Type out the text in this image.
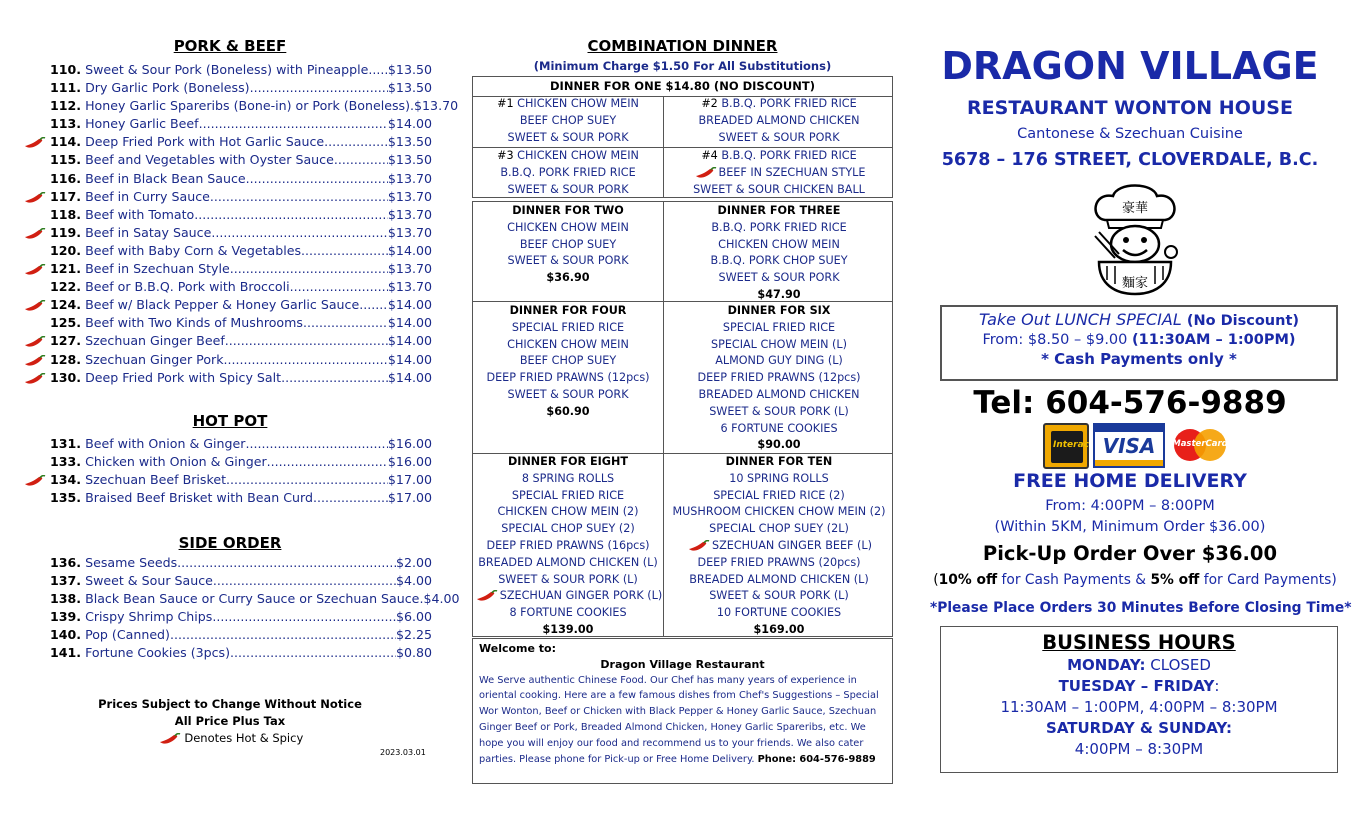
PORK & BEEF
110. Sweet & Sour Pork (Boneless) with Pineapple ..... $13.50
111. Dry Garlic Pork (Boneless) .....	$13.50
112. Honey Garlic Spareribs (Bone-in) or Pork (Boneless) ..... $13.70
113. Honey Garlic Beef .....	$14.00
114. Deep Fried Pork with Hot Garlic Sauce .....	$13.50
115. Beef and Vegetables with Oyster Sauce .....	$13.50
116. Beef in Black Bean Sauce .....	$13.70
117. Beef in Curry Sauce .....	$13.70
118. Beef with Tomato .....	$13.70
119. Beef in Satay Sauce .....	$13.70
120. Beef with Baby Corn & Vegetables .....	$14.00
121. Beef in Szechuan Style .....	$13.70
122. Beef or B.B.Q. Pork with Broccoli .....	$13.70
124. Beef w/ Black Pepper & Honey Garlic Sauce ..... $14.00
125. Beef with Two Kinds of Mushrooms .....	$14.00
127. Szechuan Ginger Beef .....	$14.00
128. Szechuan Ginger Pork .....	$14.00
130. Deep Fried Pork with Spicy Salt .....	$14.00
HOT POT
131. Beef with Onion & Ginger .....	$16.00
133. Chicken with Onion & Ginger .....	$16.00
134. Szechuan Beef Brisket .....	$17.00
135. Braised Beef Brisket with Bean Curd .....	$17.00
SIDE ORDER
136. Sesame Seeds .....	$2.00
137. Sweet & Sour Sauce .....	$4.00
138. Black Bean Sauce or Curry Sauce or Szechuan Sauce ..... $4.00
139. Crispy Shrimp Chips .....	$6.00
140. Pop (Canned) .....	$2.25
141. Fortune Cookies (3pcs) .....	$0.80
Prices Subject to Change Without Notice
All Price Plus Tax
Denotes Hot & Spicy
2023.03.01
COMBINATION DINNER
(Minimum Charge $1.50 For All Substitutions)
DINNER FOR ONE $14.80 (NO DISCOUNT)
#1 CHICKEN CHOW MEIN
BEEF CHOP SUEY
SWEET & SOUR PORK
#2 B.B.Q. PORK FRIED RICE
BREADED ALMOND CHICKEN
SWEET & SOUR PORK
#3 CHICKEN CHOW MEIN
B.B.Q. PORK FRIED RICE
SWEET & SOUR PORK
#4 B.B.Q. PORK FRIED RICE
BEEF IN SZECHUAN STYLE
SWEET & SOUR CHICKEN BALL
DINNER FOR TWO
CHICKEN CHOW MEIN
BEEF CHOP SUEY
SWEET & SOUR PORK
$36.90
DINNER FOR THREE
B.B.Q. PORK FRIED RICE
CHICKEN CHOW MEIN
B.B.Q. PORK CHOP SUEY
SWEET & SOUR PORK
$47.90
DINNER FOR FOUR
SPECIAL FRIED RICE
CHICKEN CHOW MEIN
BEEF CHOP SUEY
DEEP FRIED PRAWNS (12pcs)
SWEET & SOUR PORK
$60.90
DINNER FOR SIX
SPECIAL FRIED RICE
SPECIAL CHOW MEIN (L)
ALMOND GUY DING (L)
DEEP FRIED PRAWNS (12pcs)
BREADED ALMOND CHICKEN
SWEET & SOUR PORK (L)
6 FORTUNE COOKIES
$90.00
DINNER FOR EIGHT
8 SPRING ROLLS
SPECIAL FRIED RICE
CHICKEN CHOW MEIN (2)
SPECIAL CHOP SUEY (2)
DEEP FRIED PRAWNS (16pcs)
BREADED ALMOND CHICKEN (L)
SWEET & SOUR PORK (L)
SZECHUAN GINGER PORK (L)
8 FORTUNE COOKIES
$139.00
DINNER FOR TEN
10 SPRING ROLLS
SPECIAL FRIED RICE (2)
MUSHROOM CHICKEN CHOW MEIN (2)
SPECIAL CHOP SUEY (2L)
SZECHUAN GINGER BEEF (L)
DEEP FRIED PRAWNS (20pcs)
BREADED ALMOND CHICKEN (L)
SWEET & SOUR PORK (L)
10 FORTUNE COOKIES
$169.00
Welcome to:
Dragon Village Restaurant
We Serve authentic Chinese Food. Our Chef has many years of experience in oriental cooking. Here are a few famous dishes from Chef's Suggestions – Special Wor Wonton, Beef or Chicken with Black Pepper & Honey Garlic Sauce, Szechuan Ginger Beef or Pork, Breaded Almond Chicken, Honey Garlic Spareribs, etc. We hope you will enjoy our food and recommend us to your friends. We also cater parties. Please phone for Pick-up or Free Home Delivery. Phone: 604-576-9889
DRAGON VILLAGE
RESTAURANT WONTON HOUSE
Cantonese & Szechuan Cuisine
5678 – 176 STREET, CLOVERDALE, B.C.
豪華
麵家
Take Out LUNCH SPECIAL (No Discount)
From: $8.50 – $9.00 (11:30AM – 1:00PM)
* Cash Payments only *
Tel: 604-576-9889
Interac VISA	MasterCard
FREE HOME DELIVERY
From: 4:00PM – 8:00PM
(Within 5KM, Minimum Order $36.00)
Pick-Up Order Over $36.00
(10% off for Cash Payments & 5% off for Card Payments)
*Please Place Orders 30 Minutes Before Closing Time*
BUSINESS HOURS
MONDAY: CLOSED
TUESDAY – FRIDAY:
11:30AM – 1:00PM, 4:00PM – 8:30PM
SATURDAY & SUNDAY:
4:00PM – 8:30PM
